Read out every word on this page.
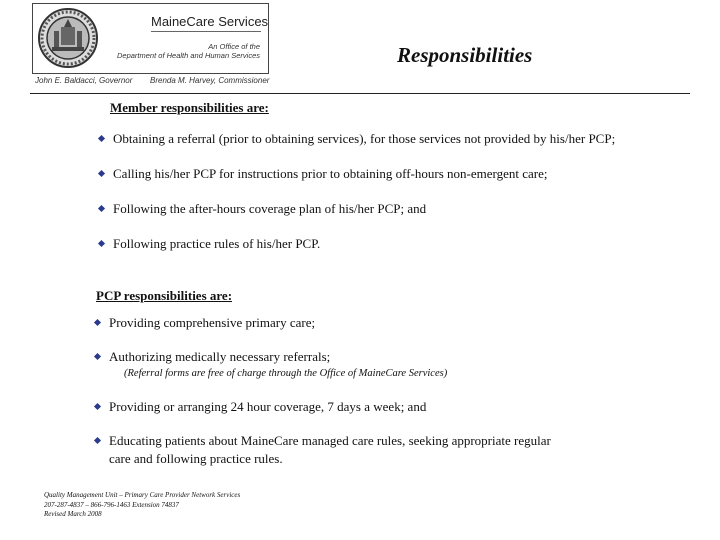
MaineCare Services
An Office of the
Department of Health and Human Services
John E. Baldacci, Governor Brenda M. Harvey, Commissioner
Responsibilities
Member responsibilities are:
Obtaining a referral (prior to obtaining services), for those services not provided by his/her PCP;
Calling his/her PCP for instructions prior to obtaining off-hours non-emergent care;
Following the after-hours coverage plan of his/her PCP; and
Following practice rules of his/her PCP.
PCP responsibilities are:
Providing comprehensive primary care;
Authorizing medically necessary referrals;
(Referral forms are free of charge through the Office of MaineCare Services)
Providing or arranging 24 hour coverage, 7 days a week; and
Educating patients about MaineCare managed care rules, seeking appropriate regular
care and following practice rules.
Quality Management Unit – Primary Care Provider Network Services
207-287-4837 – 866-796-1463 Extension 74837
Revised March 2008
